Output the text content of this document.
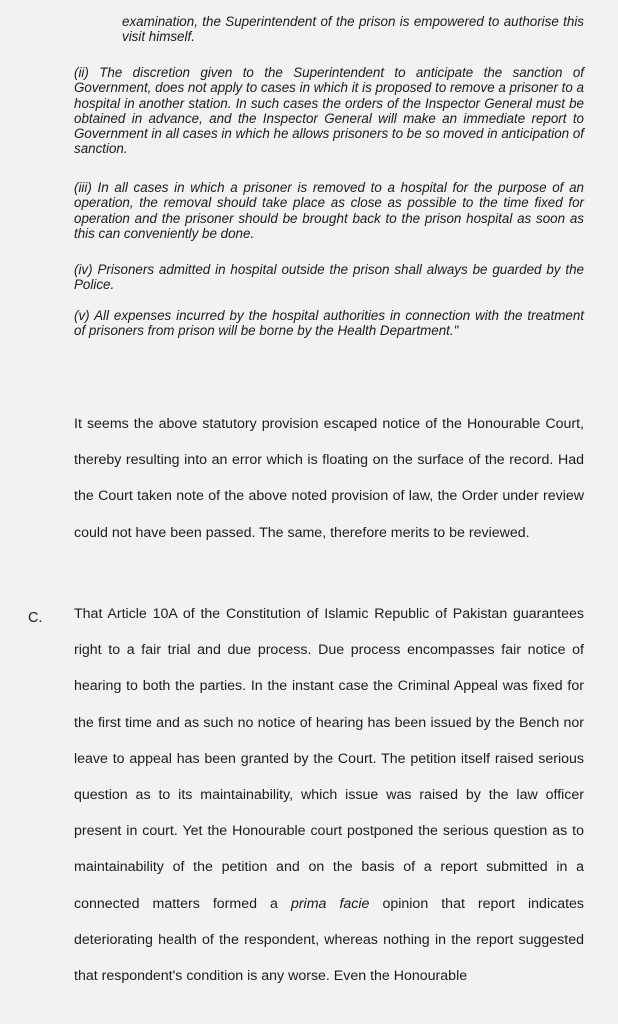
examination, the Superintendent of the prison is empowered to authorise this visit himself.

(ii) The discretion given to the Superintendent to anticipate the sanction of Government, does not apply to cases in which it is proposed to remove a prisoner to a hospital in another station. In such cases the orders of the Inspector General must be obtained in advance, and the Inspector General will make an immediate report to Government in all cases in which he allows prisoners to be so moved in anticipation of sanction.

(iii) In all cases in which a prisoner is removed to a hospital for the purpose of an operation, the removal should take place as close as possible to the time fixed for operation and the prisoner should be brought back to the prison hospital as soon as this can conveniently be done.

(iv) Prisoners admitted in hospital outside the prison shall always be guarded by the Police.

(v) All expenses incurred by the hospital authorities in connection with the treatment of prisoners from prison will be borne by the Health Department."

It seems the above statutory provision escaped notice of the Honourable Court, thereby resulting into an error which is floating on the surface of the record. Had the Court taken note of the above noted provision of law, the Order under review could not have been passed. The same, therefore merits to be reviewed.

C. That Article 10A of the Constitution of Islamic Republic of Pakistan guarantees right to a fair trial and due process. Due process encompasses fair notice of hearing to both the parties. In the instant case the Criminal Appeal was fixed for the first time and as such no notice of hearing has been issued by the Bench nor leave to appeal has been granted by the Court. The petition itself raised serious question as to its maintainability, which issue was raised by the law officer present in court. Yet the Honourable court postponed the serious question as to maintainability of the petition and on the basis of a report submitted in a connected matters formed a prima facie opinion that report indicates deteriorating health of the respondent, whereas nothing in the report suggested that respondent's condition is any worse. Even the Honourable
